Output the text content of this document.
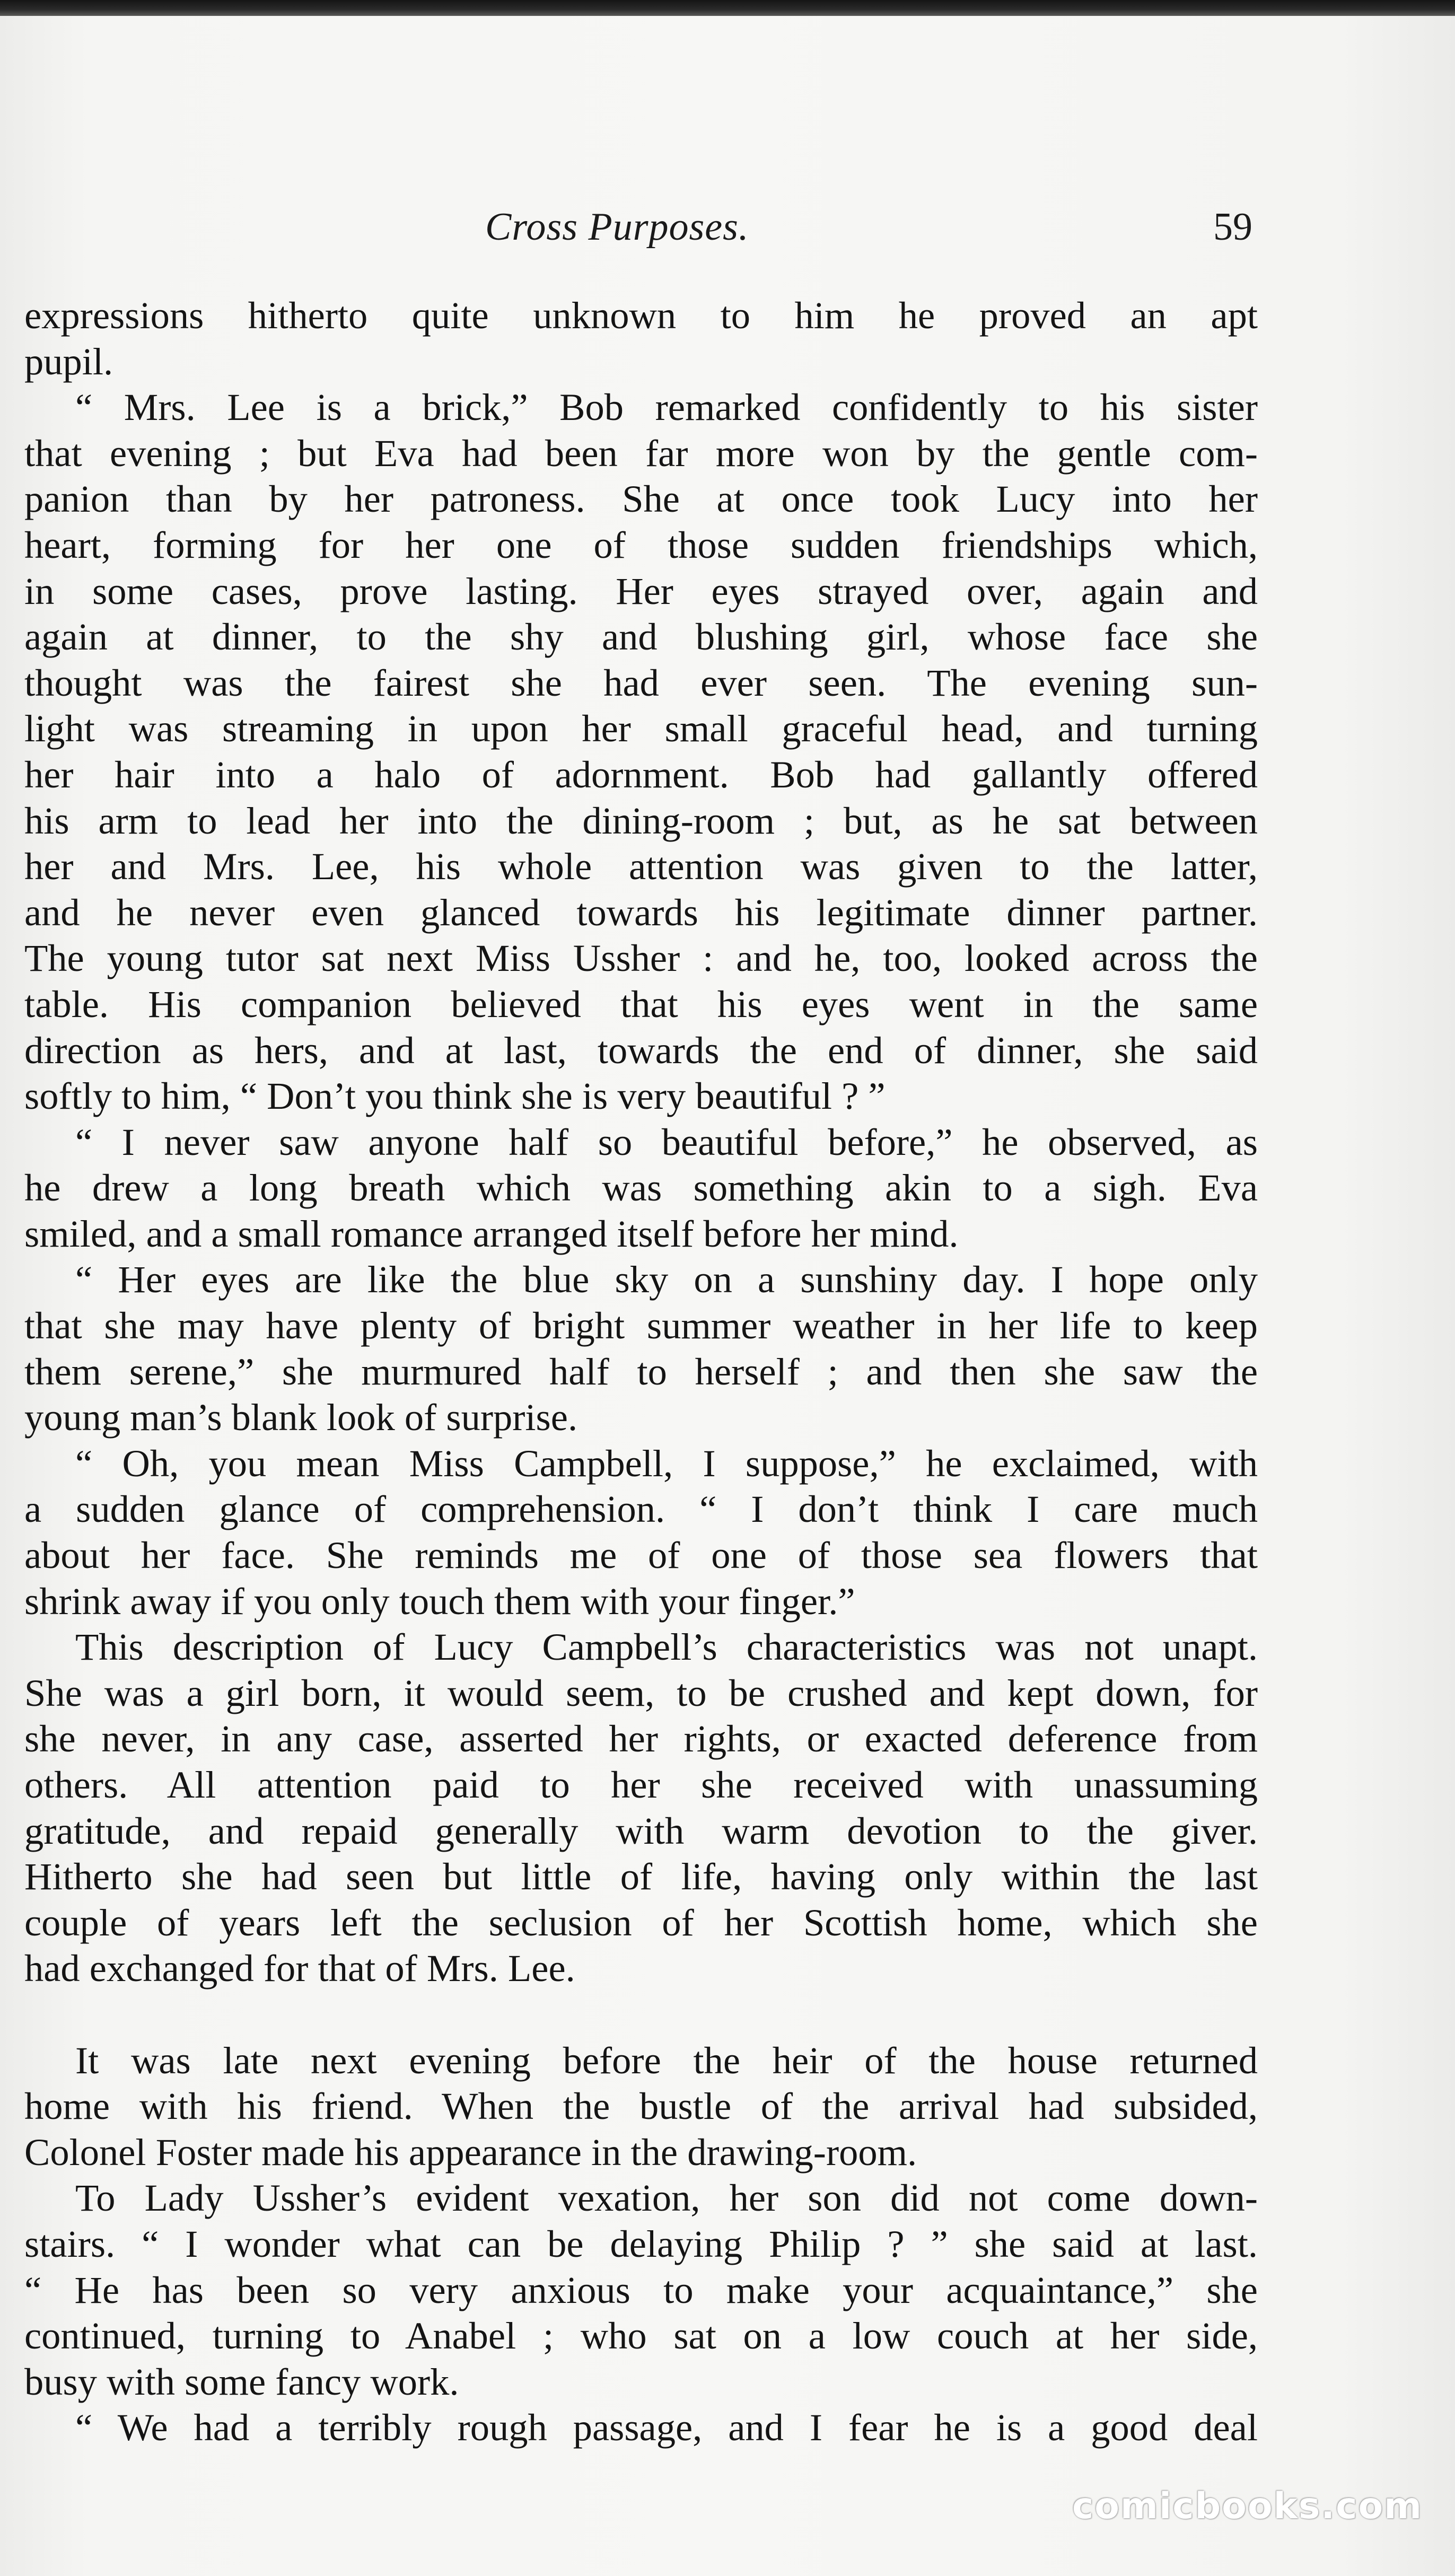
Cross Purposes.	59
expressions hitherto quite unknown to him he proved an apt
pupil.
“ Mrs. Lee is a brick,” Bob remarked confidently to his sister
that evening ; but Eva had been far more won by the gentle com-
panion than by her patroness. She at once took Lucy into her
heart, forming for her one of those sudden friendships which,
in some cases, prove lasting. Her eyes strayed over, again and
again at dinner, to the shy and blushing girl, whose face she
thought was the fairest she had ever seen. The evening sun-
light was streaming in upon her small graceful head, and turning
her hair into a halo of adornment. Bob had gallantly offered
his arm to lead her into the dining-room ; but, as he sat between
her and Mrs. Lee, his whole attention was given to the latter,
and he never even glanced towards his legitimate dinner partner.
The young tutor sat next Miss Ussher : and he, too, looked across the
table. His companion believed that his eyes went in the same
direction as hers, and at last, towards the end of dinner, she said
softly to him, “ Don’t you think she is very beautiful ? ”
“ I never saw anyone half so beautiful before,” he observed, as
he drew a long breath which was something akin to a sigh. Eva
smiled, and a small romance arranged itself before her mind.
“ Her eyes are like the blue sky on a sunshiny day. I hope only
that she may have plenty of bright summer weather in her life to keep
them serene,” she murmured half to herself ; and then she saw the
young man’s blank look of surprise.
“ Oh, you mean Miss Campbell, I suppose,” he exclaimed, with
a sudden glance of comprehension. “ I don’t think I care much
about her face. She reminds me of one of those sea flowers that
shrink away if you only touch them with your finger.”
This description of Lucy Campbell’s characteristics was not unapt.
She was a girl born, it would seem, to be crushed and kept down, for
she never, in any case, asserted her rights, or exacted deference from
others. All attention paid to her she received with unassuming
gratitude, and repaid generally with warm devotion to the giver.
Hitherto she had seen but little of life, having only within the last
couple of years left the seclusion of her Scottish home, which she
had exchanged for that of Mrs. Lee.
It was late next evening before the heir of the house returned
home with his friend. When the bustle of the arrival had subsided,
Colonel Foster made his appearance in the drawing-room.
To Lady Ussher’s evident vexation, her son did not come down-
stairs. “ I wonder what can be delaying Philip ? ” she said at last.
“ He has been so very anxious to make your acquaintance,” she
continued, turning to Anabel ; who sat on a low couch at her side,
busy with some fancy work.
“ We had a terribly rough passage, and I fear he is a good deal
comicbooks.com
